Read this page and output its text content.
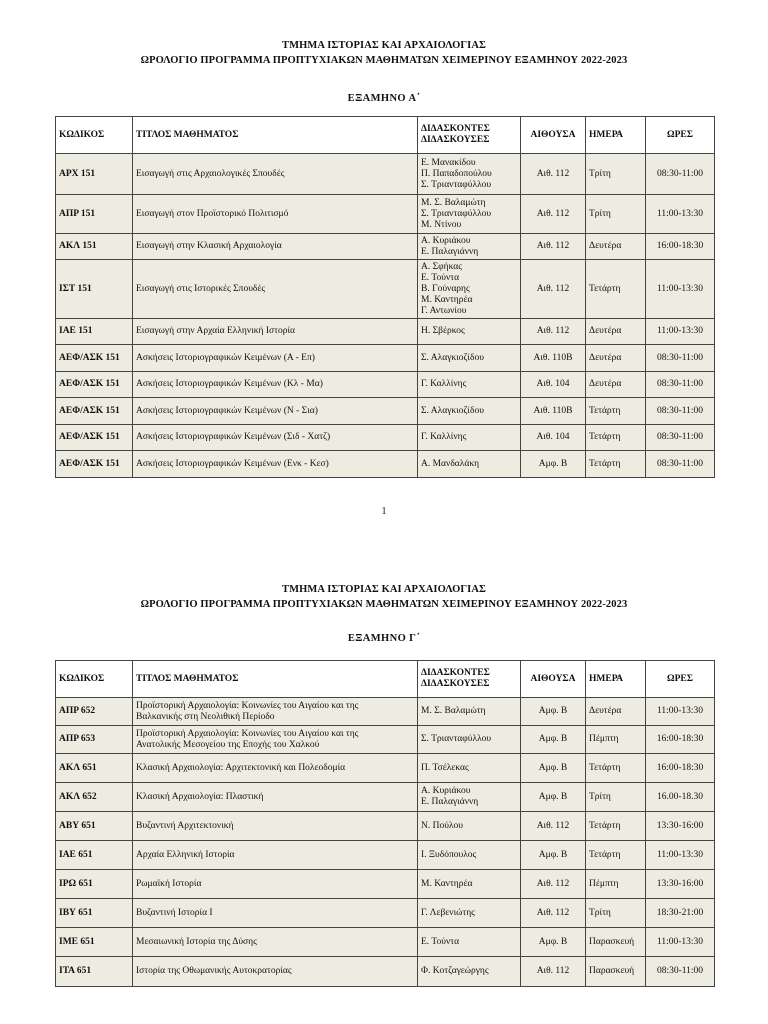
ΤΜΗΜΑ ΙΣΤΟΡΙΑΣ ΚΑΙ ΑΡΧΑΙΟΛΟΓΙΑΣ
ΩΡΟΛΟΓΙΟ ΠΡΟΓΡΑΜΜΑ ΠΡΟΠΤΥΧΙΑΚΩΝ ΜΑΘΗΜΑΤΩΝ ΧΕΙΜΕΡΙΝΟΥ ΕΞΑΜΗΝΟΥ 2022-2023
ΕΞΑΜΗΝΟ Α΄
ΚΩΔΙΚΟΣ	ΤΙΤΛΟΣ ΜΑΘΗΜΑΤΟΣ	ΔΙΔΑΣΚΟΝΤΕΣ
ΔΙΔΑΣΚΟΥΣΕΣ	ΑΙΘΟΥΣΑ	ΗΜΕΡΑ	ΩΡΕΣ
ΑΡΧ 151	Εισαγωγή στις Αρχαιολογικές Σπουδές	Ε. Μανακίδου
Π. Παπαδοπούλου
Σ. Τριανταφύλλου	Αιθ. 112	Τρίτη	08:30-11:00
ΑΠΡ 151	Εισαγωγή στον Προϊστορικό Πολιτισμό	Μ. Σ. Βαλαμώτη
Σ. Τριανταφύλλου
Μ. Ντίνου	Αιθ. 112	Τρίτη	11:00-13:30
ΑΚΛ 151	Εισαγωγή στην Κλασική Αρχαιολογία	Α. Κυριάκου
Ε. Παλαγιάννη	Αιθ. 112	Δευτέρα	16:00-18:30
ΙΣΤ 151	Εισαγωγή στις Ιστορικές Σπουδές	Α. Σφήκας
Ε. Τούντα
Β. Γούναρης
Μ. Καντηρέα
Γ. Αντωνίου	Αιθ. 112	Τετάρτη	11:00-13:30
ΙΑΕ 151	Εισαγωγή στην Αρχαία Ελληνική Ιστορία	Η. Σβέρκος	Αιθ. 112	Δευτέρα	11:00-13:30
ΑΕΦ/ΑΣΚ 151	Ασκήσεις Ιστοριογραφικών Κειμένων (Α - Επ)	Σ. Αλαγκιοζίδου	Αιθ. 110Β	Δευτέρα	08:30-11:00
ΑΕΦ/ΑΣΚ 151	Ασκήσεις Ιστοριογραφικών Κειμένων (Κλ - Μα)	Γ. Καλλίνης	Αιθ. 104	Δευτέρα	08:30-11:00
ΑΕΦ/ΑΣΚ 151	Ασκήσεις Ιστοριογραφικών Κειμένων (Ν - Σια)	Σ. Αλαγκιοζίδου	Αιθ. 110Β	Τετάρτη	08:30-11:00
ΑΕΦ/ΑΣΚ 151	Ασκήσεις Ιστοριογραφικών Κειμένων (Σιδ - Χατζ)	Γ. Καλλίνης	Αιθ. 104	Τετάρτη	08:30-11:00
ΑΕΦ/ΑΣΚ 151	Ασκήσεις Ιστοριογραφικών Κειμένων (Ενκ - Κεσ)	Α. Μανδαλάκη	Αμφ. Β	Τετάρτη	08:30-11:00
1
ΤΜΗΜΑ ΙΣΤΟΡΙΑΣ ΚΑΙ ΑΡΧΑΙΟΛΟΓΙΑΣ
ΩΡΟΛΟΓΙΟ ΠΡΟΓΡΑΜΜΑ ΠΡΟΠΤΥΧΙΑΚΩΝ ΜΑΘΗΜΑΤΩΝ ΧΕΙΜΕΡΙΝΟΥ ΕΞΑΜΗΝΟΥ 2022-2023
ΕΞΑΜΗΝΟ Γ΄
ΚΩΔΙΚΟΣ	ΤΙΤΛΟΣ ΜΑΘΗΜΑΤΟΣ	ΔΙΔΑΣΚΟΝΤΕΣ
ΔΙΔΑΣΚΟΥΣΕΣ	ΑΙΘΟΥΣΑ	ΗΜΕΡΑ	ΩΡΕΣ
ΑΠΡ 652	Προϊστορική Αρχαιολογία: Κοινωνίες του Αιγαίου και της
Βαλκανικής στη Νεολιθική Περίοδο	Μ. Σ. Βαλαμώτη	Αμφ. Β	Δευτέρα	11:00-13:30
ΑΠΡ 653	Προϊστορική Αρχαιολογία: Κοινωνίες του Αιγαίου και της
Ανατολικής Μεσογείου της Εποχής του Χαλκού	Σ. Τριανταφύλλου	Αμφ. Β	Πέμπτη	16:00-18:30
ΑΚΛ 651	Κλασική Αρχαιολογία: Αρχιτεκτονική και Πολεοδομία	Π. Τσέλεκας	Αμφ. Β	Τετάρτη	16:00-18:30
ΑΚΛ 652	Κλασική Αρχαιολογία: Πλαστική	Α. Κυριάκου
Ε. Παλαγιάννη	Αμφ. Β	Τρίτη	16.00-18.30
ΑΒΥ 651	Βυζαντινή Αρχιτεκτονική	Ν. Πούλου	Αιθ. 112	Τετάρτη	13:30-16:00
ΙΑΕ 651	Αρχαία Ελληνική Ιστορία	Ι. Ξυδόπουλος	Αμφ. Β	Τετάρτη	11:00-13:30
ΙΡΩ 651	Ρωμαϊκή Ιστορία	Μ. Καντηρέα	Αιθ. 112	Πέμπτη	13:30-16:00
ΙΒΥ 651	Βυζαντινή Ιστορία Ι	Γ. Λεβενιώτης	Αιθ. 112	Τρίτη	18:30-21:00
ΙΜΕ 651	Μεσαιωνική Ιστορία της Δύσης	Ε. Τούντα	Αμφ. Β	Παρασκευή	11:00-13:30
ΙΤΑ 651	Ιστορία της Οθωμανικής Αυτοκρατορίας	Φ. Κοτζαγεώργης	Αιθ. 112	Παρασκευή	08:30-11:00
